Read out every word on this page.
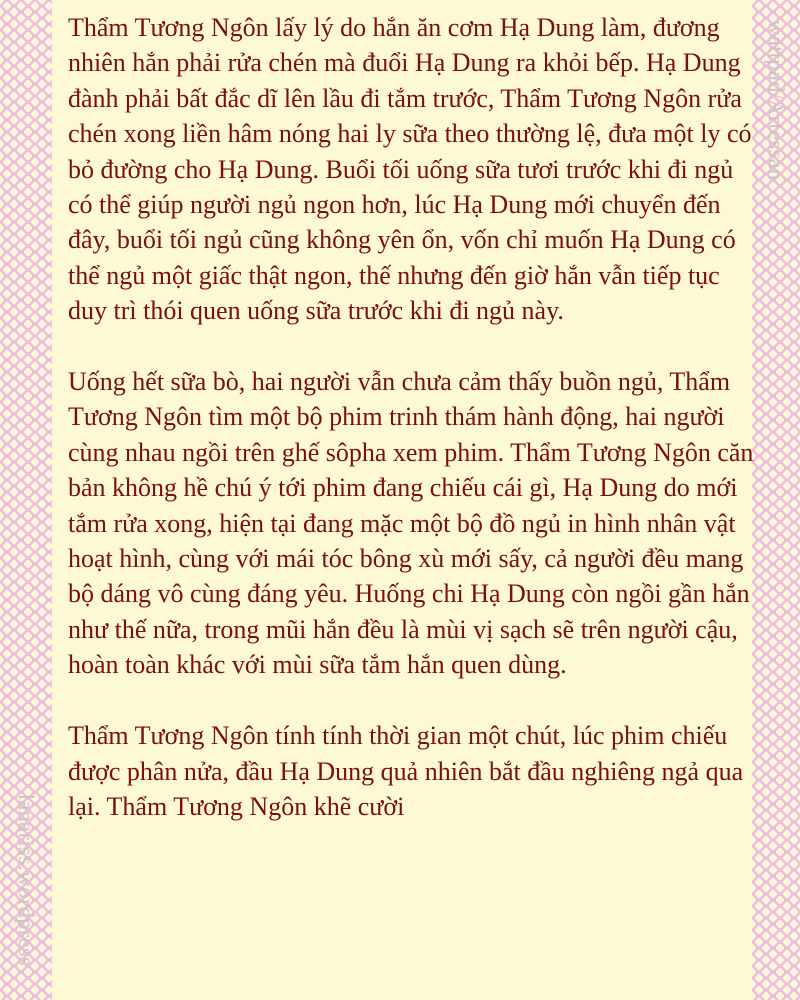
lanariss.wordpress
wattpad/Artessan

Thẩm Tương Ngôn lấy lý do hắn ăn cơm Hạ Dung làm, đương nhiên hắn phải rửa chén mà đuổi Hạ Dung ra khỏi bếp. Hạ Dung đành phải bất đắc dĩ lên lầu đi tắm trước, Thẩm Tương Ngôn rửa chén xong liền hâm nóng hai ly sữa theo thường lệ, đưa một ly có bỏ đường cho Hạ Dung. Buổi tối uống sữa tươi trước khi đi ngủ có thể giúp người ngủ ngon hơn, lúc Hạ Dung mới chuyển đến đây, buổi tối ngủ cũng không yên ổn, vốn chỉ muốn Hạ Dung có thể ngủ một giấc thật ngon, thế nhưng đến giờ hắn vẫn tiếp tục duy trì thói quen uống sữa trước khi đi ngủ này.

Uống hết sữa bò, hai người vẫn chưa cảm thấy buồn ngủ, Thẩm Tương Ngôn tìm một bộ phim trinh thám hành động, hai người cùng nhau ngồi trên ghế sôpha xem phim. Thẩm Tương Ngôn căn bản không hề chú ý tới phim đang chiếu cái gì, Hạ Dung do mới tắm rửa xong, hiện tại đang mặc một bộ đồ ngủ in hình nhân vật hoạt hình, cùng với mái tóc bông xù mới sấy, cả người đều mang bộ dáng vô cùng đáng yêu. Huống chi Hạ Dung còn ngồi gần hắn như thế nữa, trong mũi hắn đều là mùi vị sạch sẽ trên người cậu, hoàn toàn khác với mùi sữa tắm hắn quen dùng.

Thẩm Tương Ngôn tính tính thời gian một chút, lúc phim chiếu được phân nửa, đầu Hạ Dung quả nhiên bắt đầu nghiêng ngả qua lại. Thẩm Tương Ngôn khẽ cười
